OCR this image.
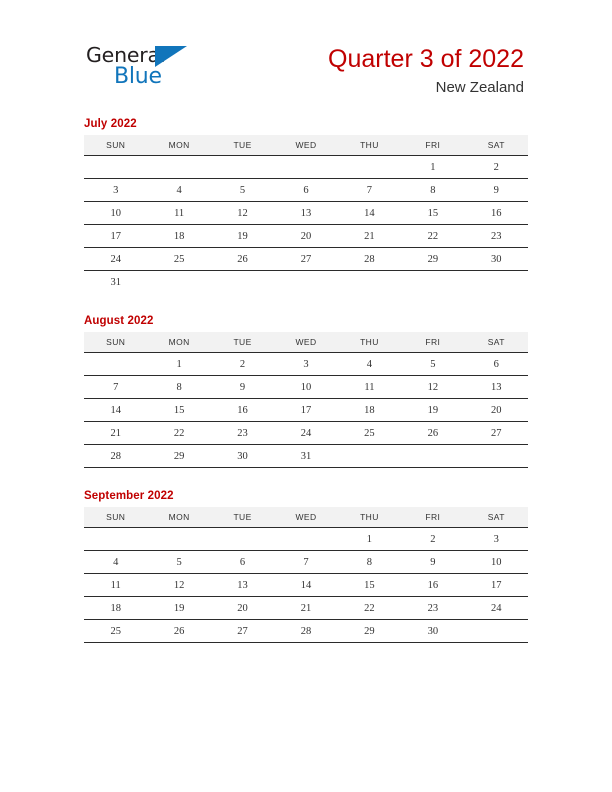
General
Blue
Quarter 3 of 2022
New Zealand
July 2022
SUN	MON	TUE	WED	THU	FRI	SAT
					1	2
3	4	5	6	7	8	9
10	11	12	13	14	15	16
17	18	19	20	21	22	23
24	25	26	27	28	29	30
31						
August 2022
SUN	MON	TUE	WED	THU	FRI	SAT
	1	2	3	4	5	6
7	8	9	10	11	12	13
14	15	16	17	18	19	20
21	22	23	24	25	26	27
28	29	30	31			
September 2022
SUN	MON	TUE	WED	THU	FRI	SAT
				1	2	3
4	5	6	7	8	9	10
11	12	13	14	15	16	17
18	19	20	21	22	23	24
25	26	27	28	29	30	
